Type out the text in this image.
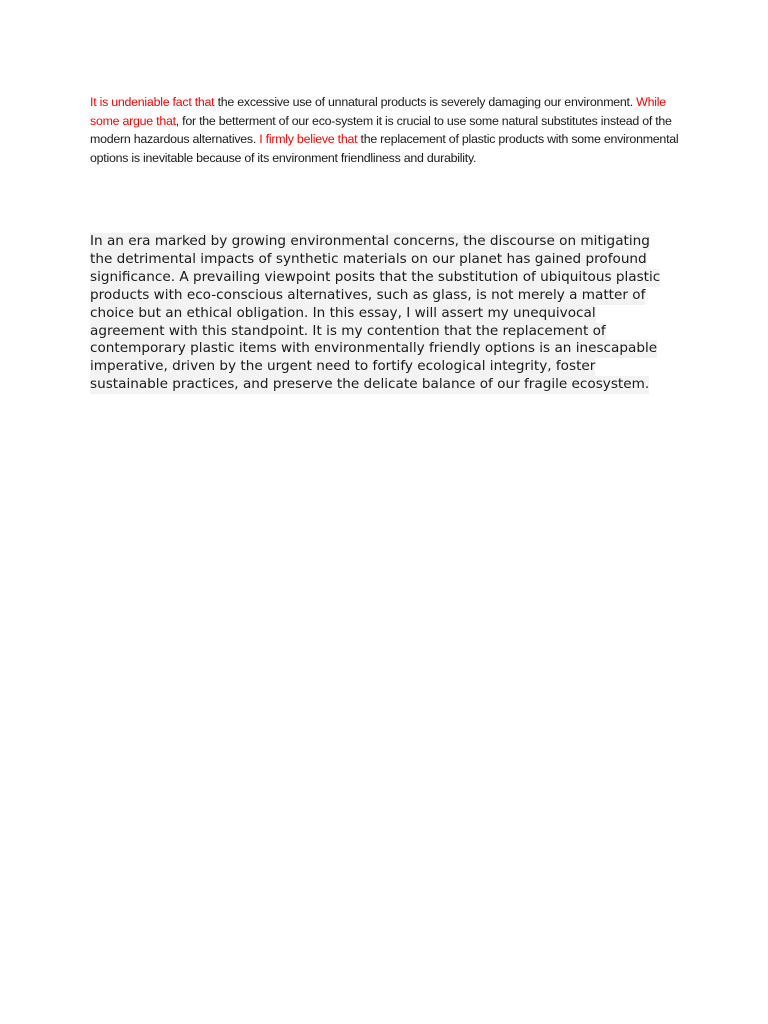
It is undeniable fact that the excessive use of unnatural products is severely damaging our environment. While some argue that, for the betterment of our eco-system it is crucial to use some natural substitutes instead of the modern hazardous alternatives. I firmly believe that the replacement of plastic products with some environmental options is inevitable because of its environment friendliness and durability.

In an era marked by growing environmental concerns, the discourse on mitigating
the detrimental impacts of synthetic materials on our planet has gained profound
significance. A prevailing viewpoint posits that the substitution of ubiquitous plastic
products with eco-conscious alternatives, such as glass, is not merely a matter of
choice but an ethical obligation. In this essay, I will assert my unequivocal
agreement with this standpoint. It is my contention that the replacement of
contemporary plastic items with environmentally friendly options is an inescapable
imperative, driven by the urgent need to fortify ecological integrity, foster
sustainable practices, and preserve the delicate balance of our fragile ecosystem.
